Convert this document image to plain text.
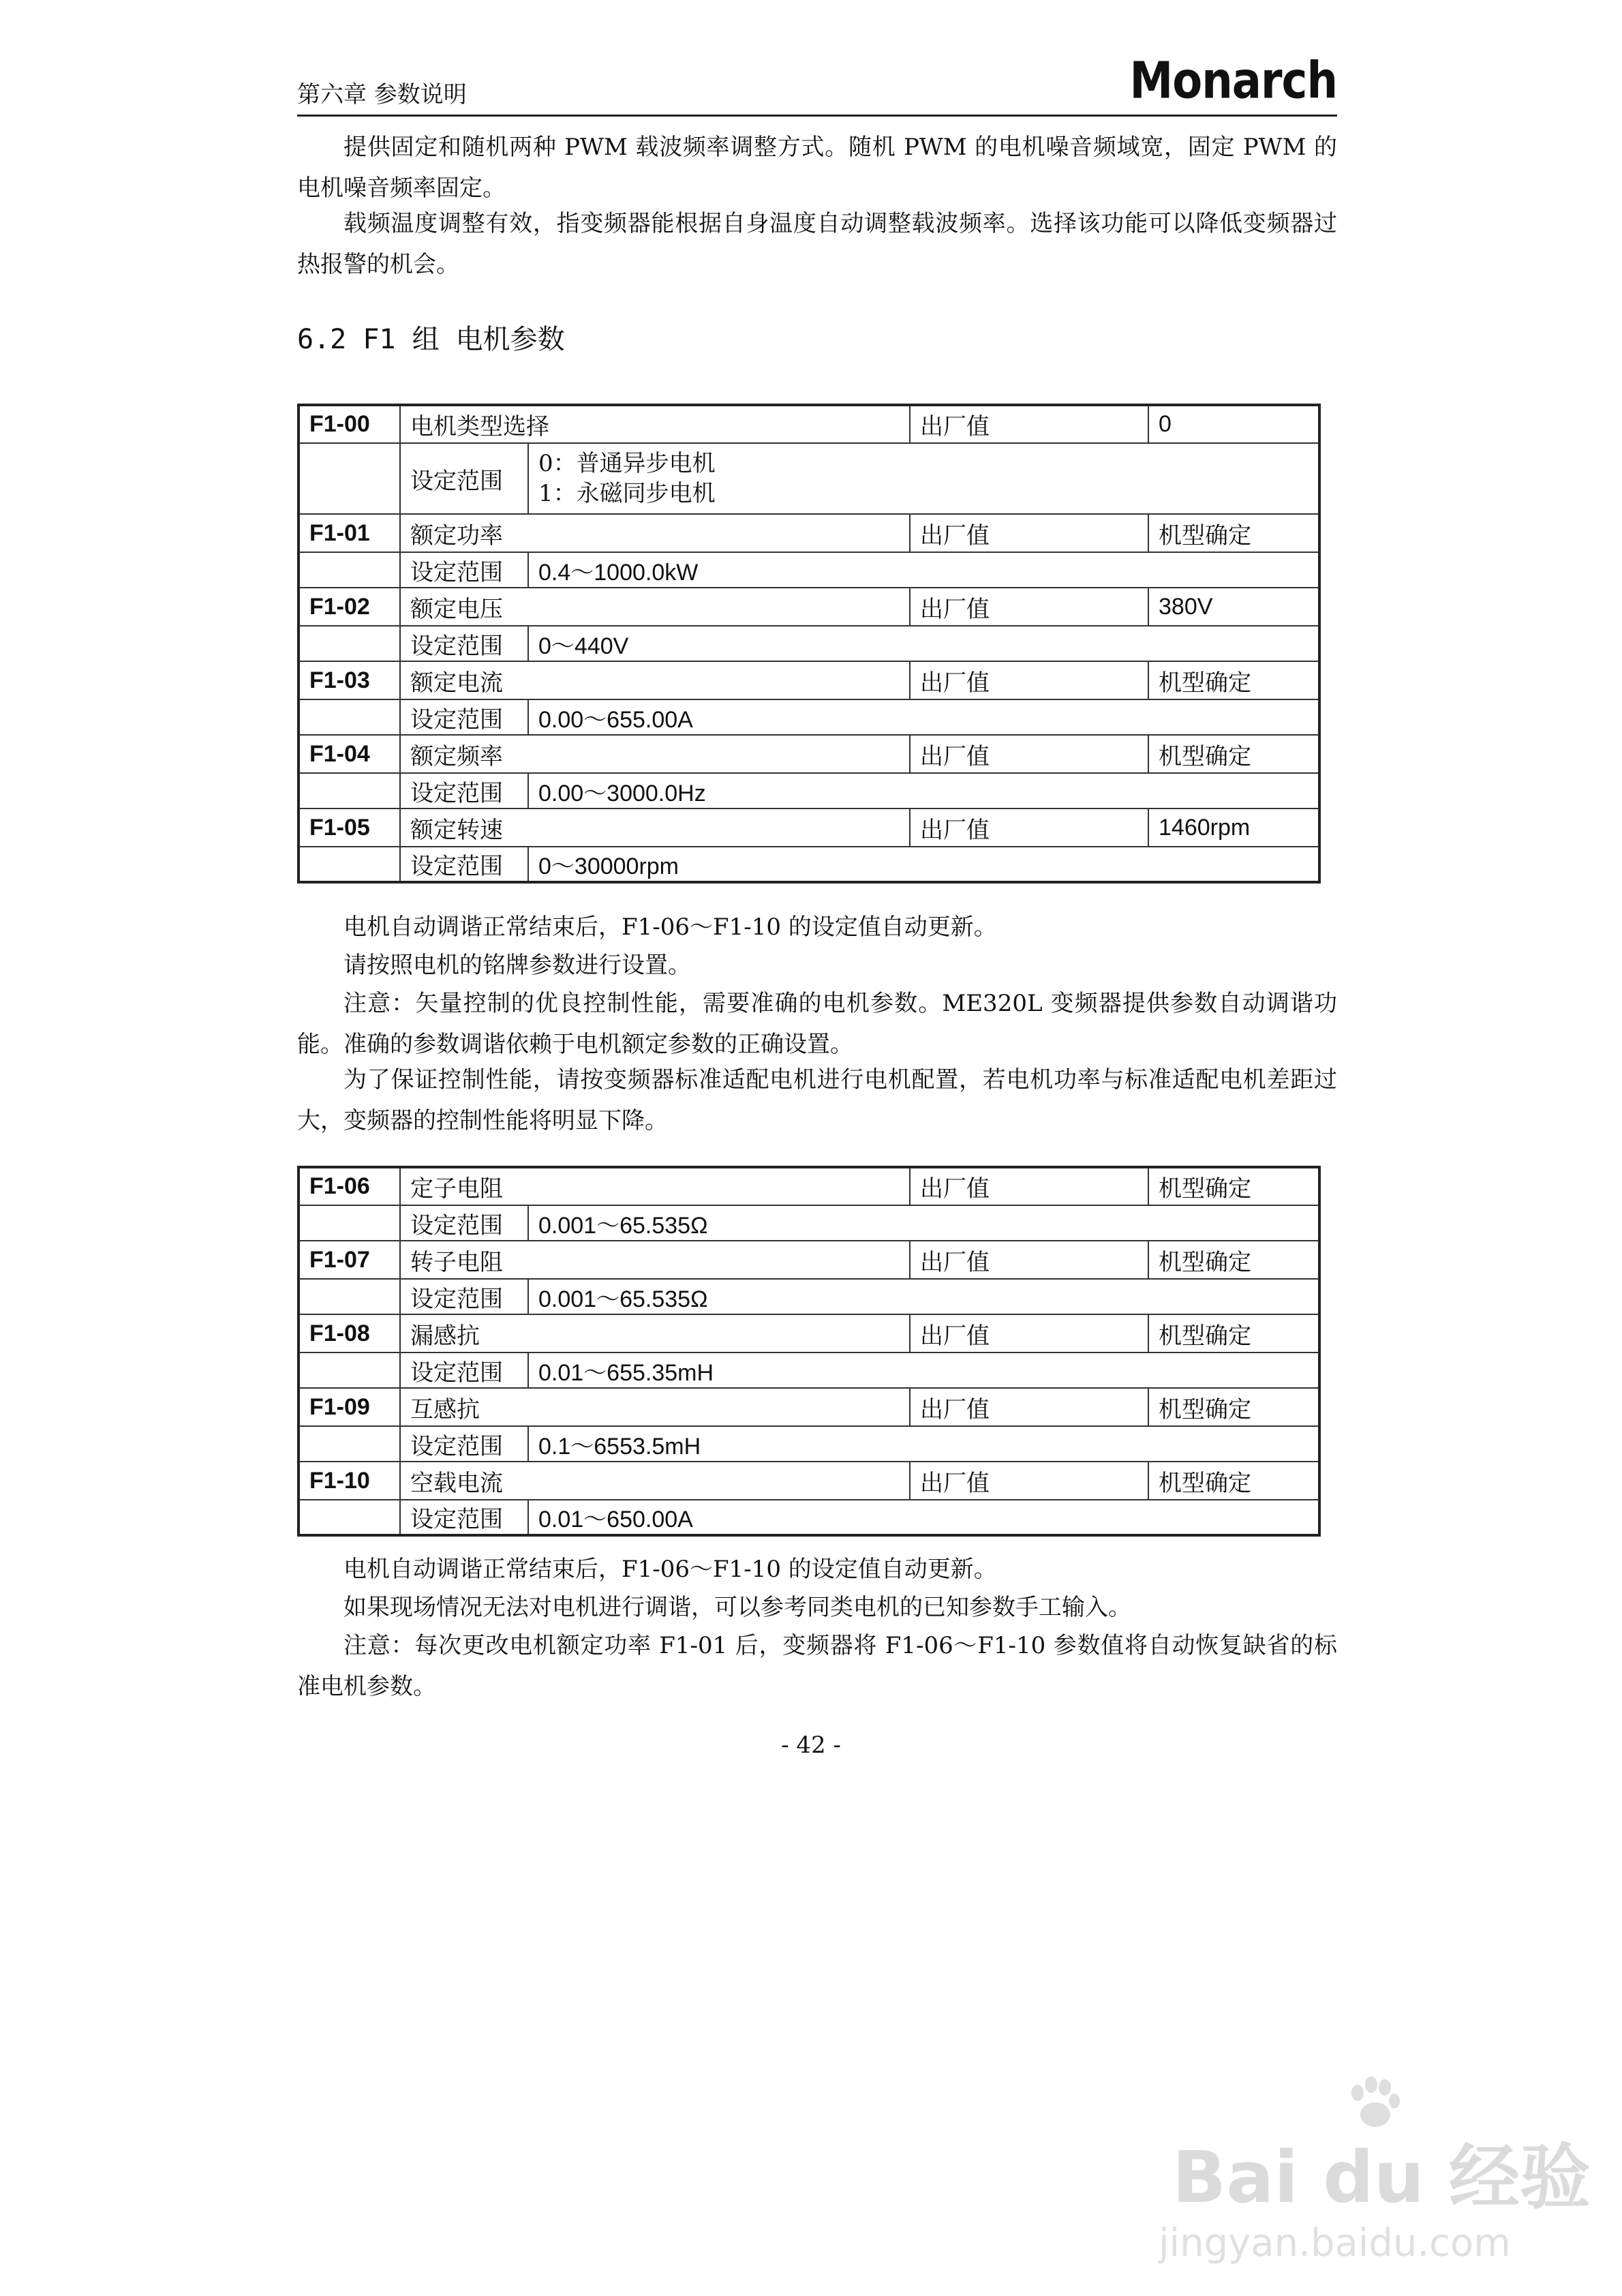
第六章 参数说明	Monarch

提供固定和随机两种 PWM 载波频率调整方式。随机 PWM 的电机噪音频域宽，固定 PWM 的电机噪音频率固定。

载频温度调整有效，指变频器能根据自身温度自动调整载波频率。选择该功能可以降低变频器过热报警的机会。

6.2 F1 组 电机参数
F1-00	电机类型选择		出厂值	0
	设定范围	0：普通异步电机
1：永磁同步电机		

F1-01	额定功率		出厂值	机型确定
	设定范围	0.4～1000.0kW		
F1-02	额定电压		出厂值	380V
	设定范围	0～440V		
F1-03	额定电流		出厂值	机型确定
	设定范围	0.00～655.00A		
F1-04	额定频率		出厂值	机型确定
	设定范围	0.00～3000.0Hz		
F1-05	额定转速		出厂值	1460rpm
	设定范围	0～30000rpm		

电机自动调谐正常结束后，F1-06～F1-10 的设定值自动更新。

请按照电机的铭牌参数进行设置。

注意：矢量控制的优良控制性能，需要准确的电机参数。ME320L 变频器提供参数自动调谐功能。准确的参数调谐依赖于电机额定参数的正确设置。

为了保证控制性能，请按变频器标准适配电机进行电机配置，若电机功率与标准适配电机差距过大，变频器的控制性能将明显下降。

F1-06	定子电阻		出厂值	机型确定
	设定范围	0.001～65.535Ω		
F1-07	转子电阻		出厂值	机型确定
	设定范围	0.001～65.535Ω		
F1-08	漏感抗		出厂值	机型确定
	设定范围	0.01～655.35mH		
F1-09	互感抗		出厂值	机型确定
	设定范围	0.1～6553.5mH		
F1-10	空载电流		出厂值	机型确定
	设定范围	0.01～650.00A		

电机自动调谐正常结束后，F1-06～F1-10 的设定值自动更新。

如果现场情况无法对电机进行调谐，可以参考同类电机的已知参数手工输入。

注意：每次更改电机额定功率 F1-01 后，变频器将 F1-06～F1-10 参数值将自动恢复缺省的标准电机参数。

- 42 -
Bai du 经验
jingyan.baidu.com
